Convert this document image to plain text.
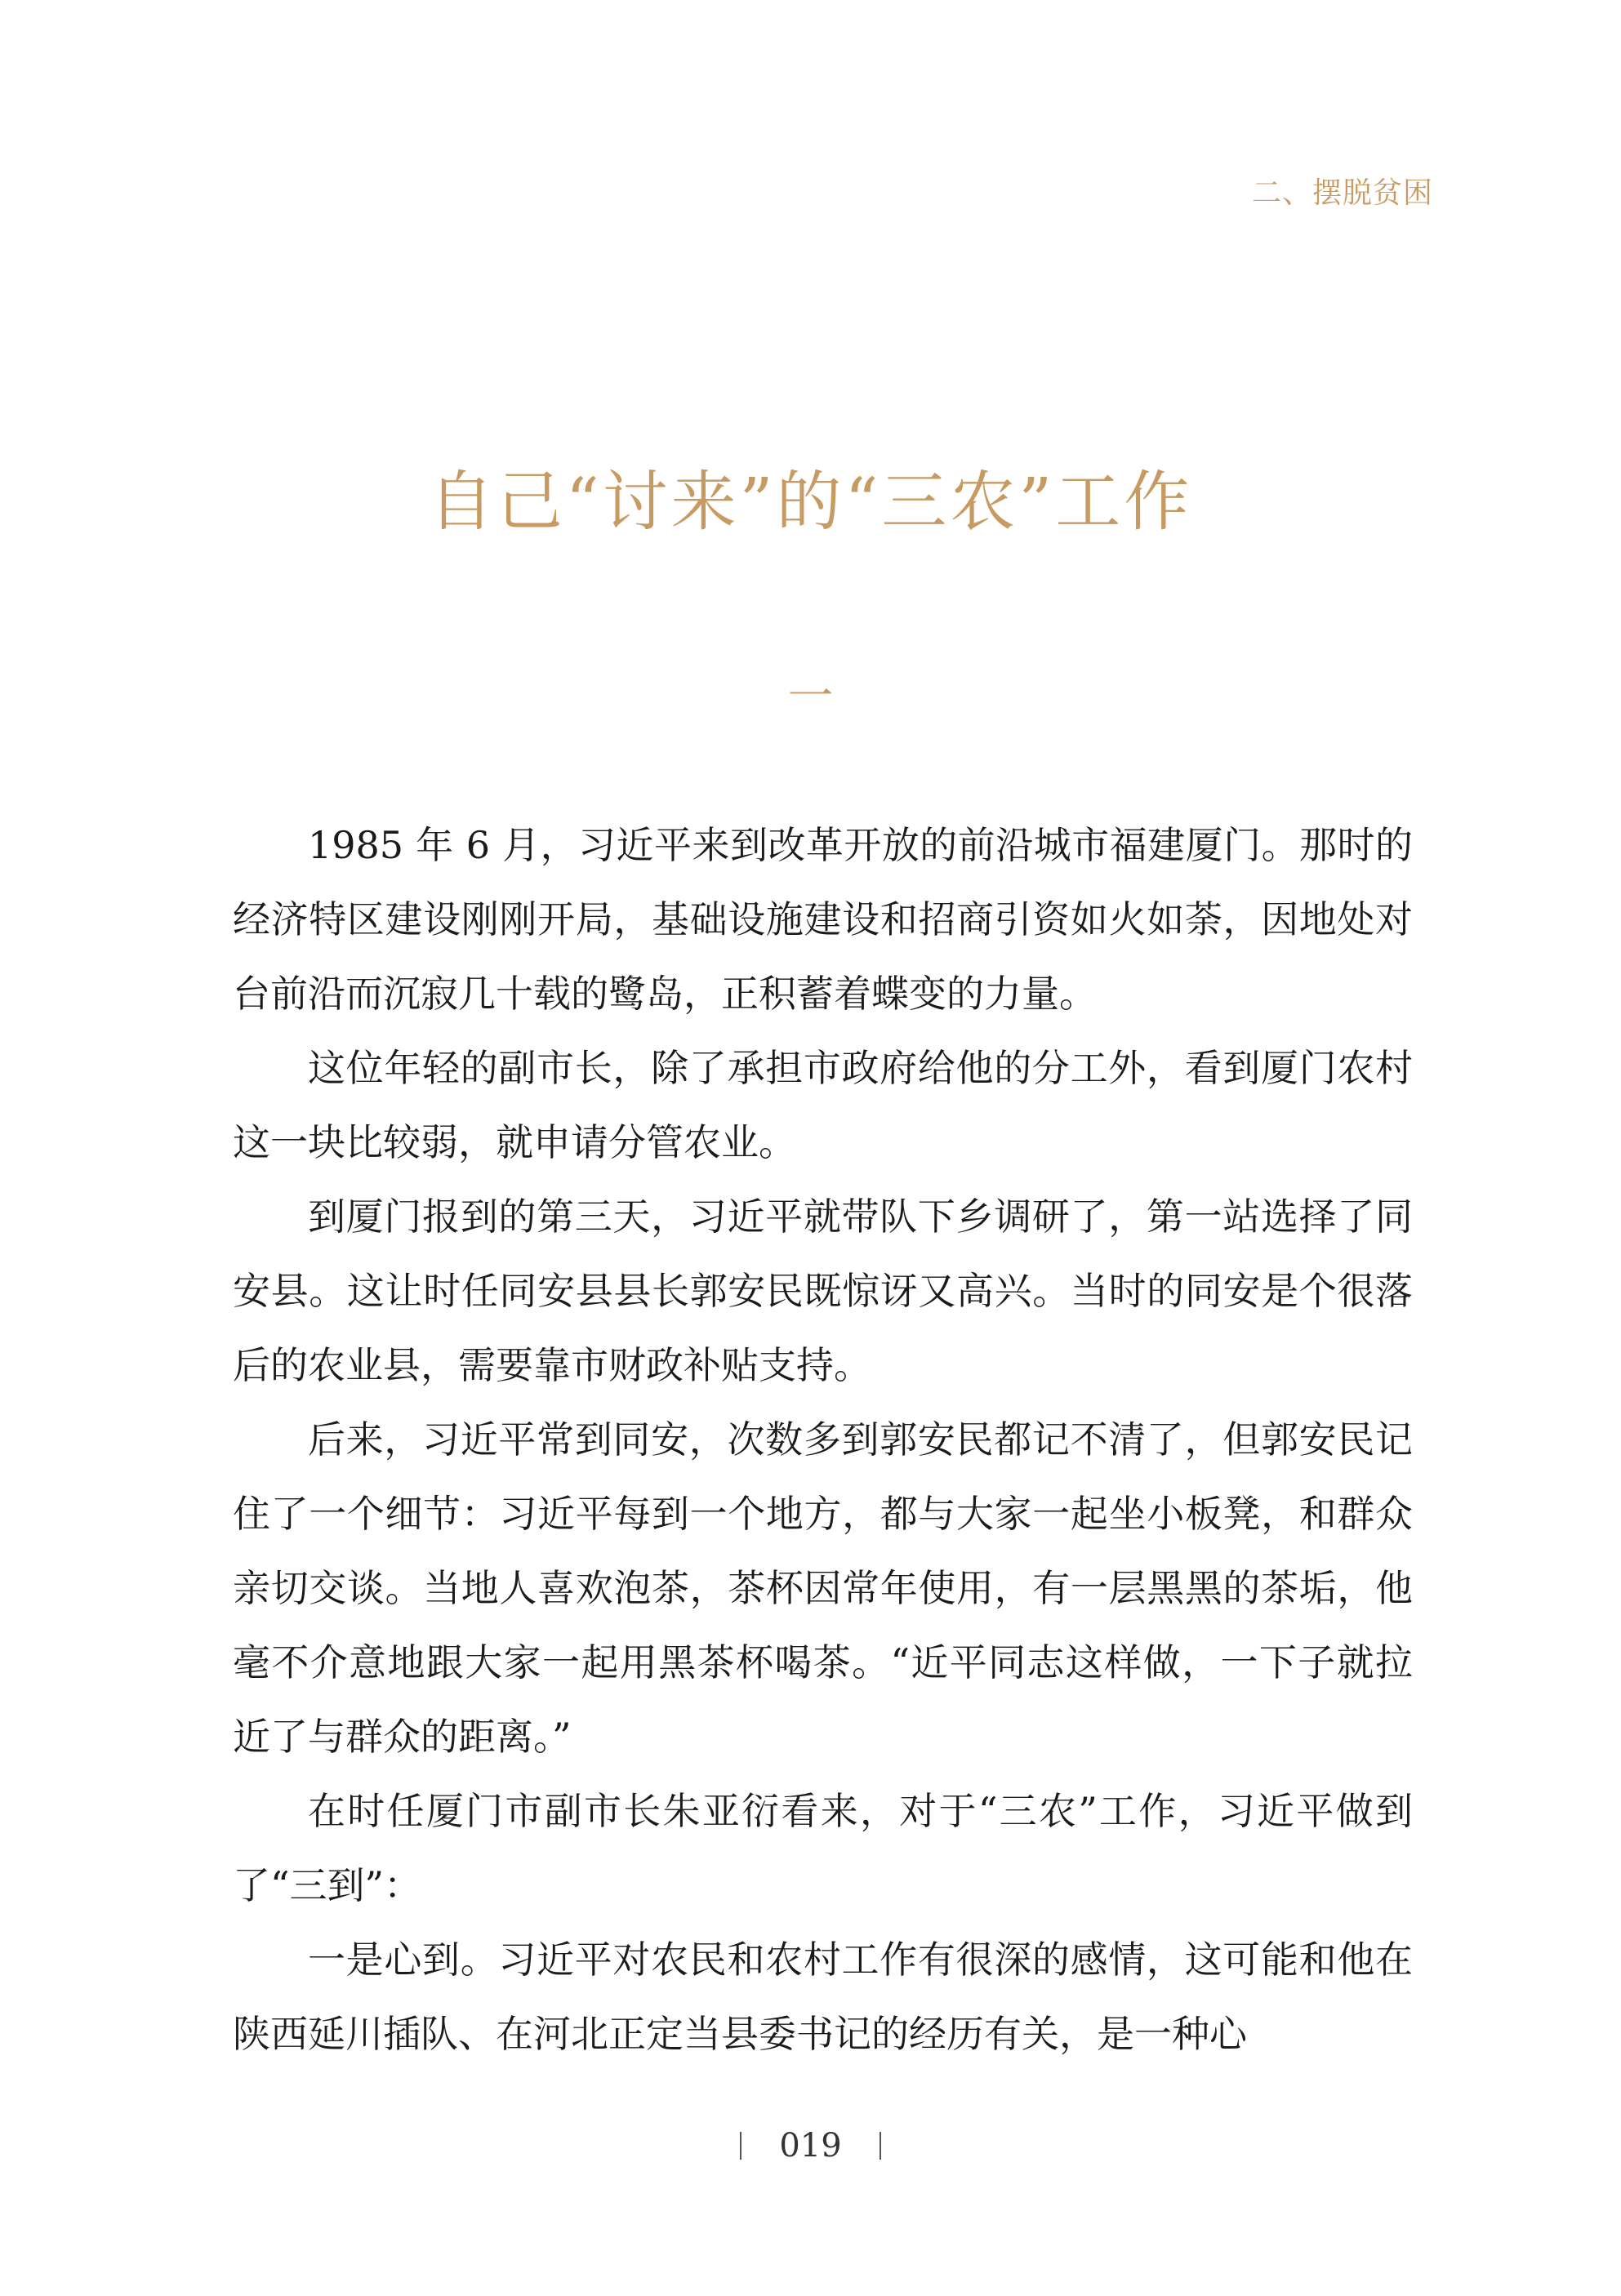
二、摆脱贫困
自己“讨来”的“三农”工作
一

1985 年 6 月，习近平来到改革开放的前沿城市福建厦门。那时的经济特区建设刚刚开局，基础设施建设和招商引资如火如荼，因地处对台前沿而沉寂几十载的鹭岛，正积蓄着蝶变的力量。

这位年轻的副市长，除了承担市政府给他的分工外，看到厦门农村这一块比较弱，就申请分管农业。

到厦门报到的第三天，习近平就带队下乡调研了，第一站选择了同安县。这让时任同安县县长郭安民既惊讶又高兴。当时的同安是个很落后的农业县，需要靠市财政补贴支持。

后来，习近平常到同安，次数多到郭安民都记不清了，但郭安民记住了一个细节：习近平每到一个地方，都与大家一起坐小板凳，和群众亲切交谈。当地人喜欢泡茶，茶杯因常年使用，有一层黑黑的茶垢，他毫不介意地跟大家一起用黑茶杯喝茶。“近平同志这样做，一下子就拉近了与群众的距离。”

在时任厦门市副市长朱亚衍看来，对于“三农”工作，习近平做到了“三到”：

一是心到。习近平对农民和农村工作有很深的感情，这可能和他在陕西延川插队、在河北正定当县委书记的经历有关，是一种心

019
